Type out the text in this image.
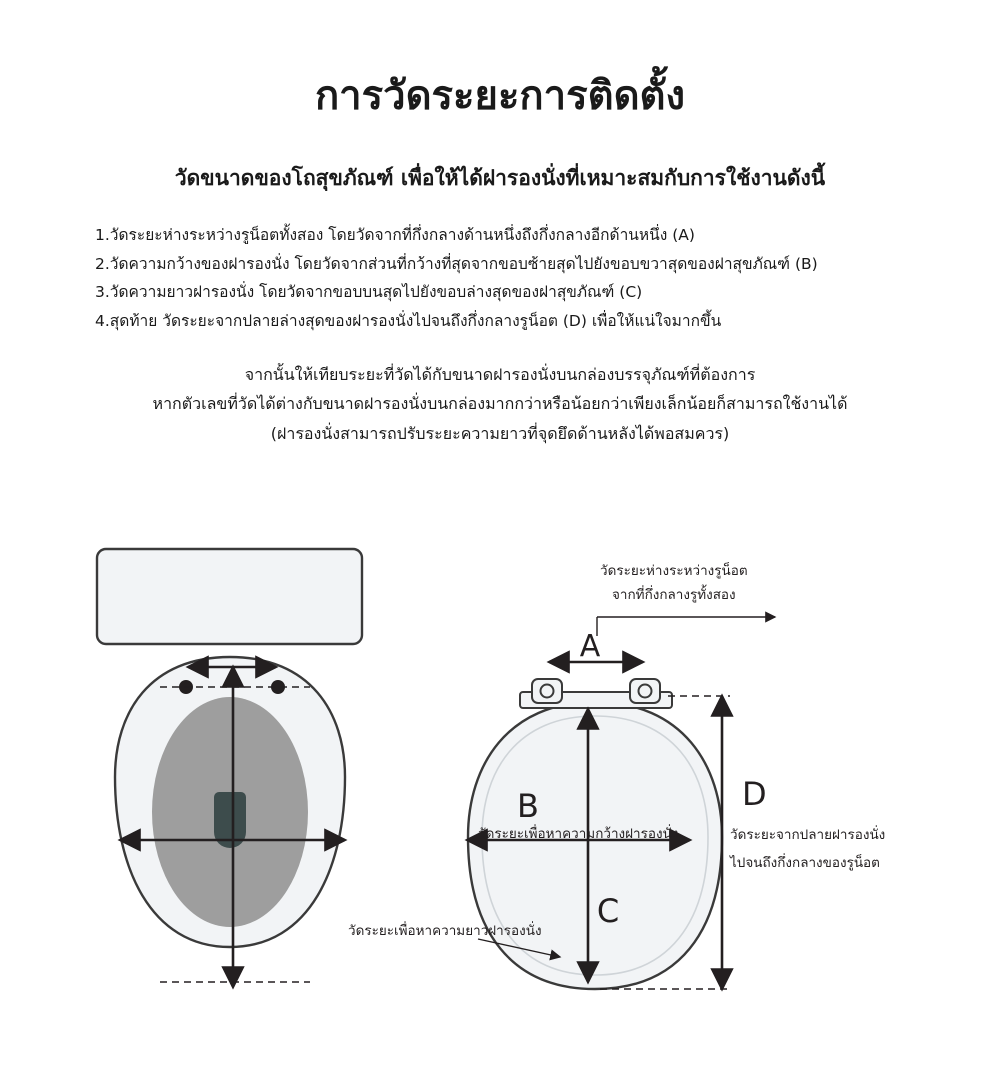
การวัดระยะการติดตั้ง
วัดขนาดของโถสุขภัณฑ์ เพื่อให้ได้ฝารองนั่งที่เหมาะสมกับการใช้งานดังนี้
1.วัดระยะห่างระหว่างรูน็อตทั้งสอง โดยวัดจากที่กึ่งกลางด้านหนึ่งถึงกึ่งกลางอีกด้านหนึ่ง (A)
2.วัดความกว้างของฝารองนั่ง โดยวัดจากส่วนที่กว้างที่สุดจากขอบซ้ายสุดไปยังขอบขวาสุดของฝาสุขภัณฑ์ (B)
3.วัดความยาวฝารองนั่ง โดยวัดจากขอบบนสุดไปยังขอบล่างสุดของฝาสุขภัณฑ์ (C)
4.สุดท้าย วัดระยะจากปลายล่างสุดของฝารองนั่งไปจนถึงกึ่งกลางรูน็อต (D) เพื่อให้แน่ใจมากขึ้น
จากนั้นให้เทียบระยะที่วัดได้กับขนาดฝารองนั่งบนกล่องบรรจุภัณฑ์ที่ต้องการ
หากตัวเลขที่วัดได้ต่างกับขนาดฝารองนั่งบนกล่องมากกว่าหรือน้อยกว่าเพียงเล็กน้อยก็สามารถใช้งานได้
(ฝารองนั่งสามารถปรับระยะความยาวที่จุดยึดด้านหลังได้พอสมควร)
A
วัดระยะห่างระหว่างรูน็อต
จากที่กึ่งกลางรูทั้งสอง
B
วัดระยะเพื่อหาความกว้างฝารองนั่ง
C
วัดระยะเพื่อหาความยาวฝารองนั่ง
D
วัดระยะจากปลายฝารองนั่ง
ไปจนถึงกึ่งกลางของรูน็อต
